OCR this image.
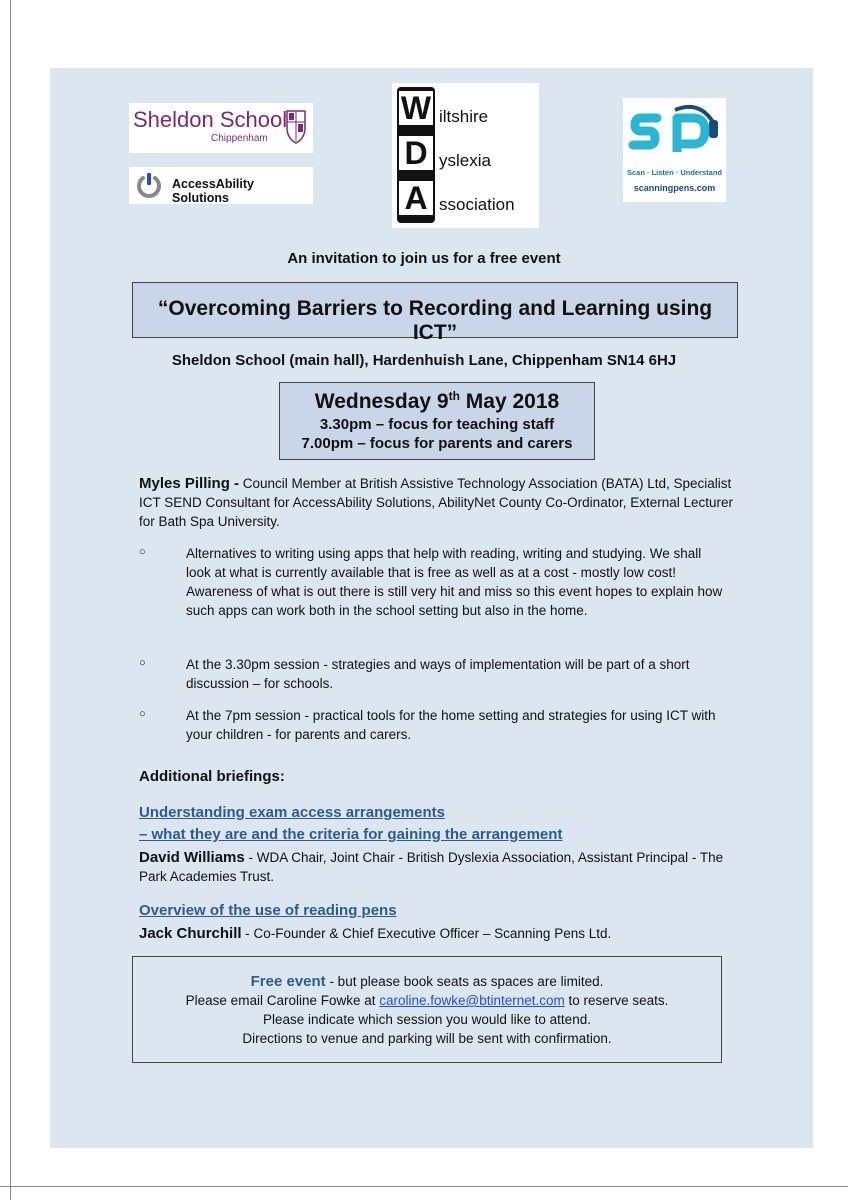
Sheldon School
Chippenham
AccessAbility Solutions
W
D
A
iltshire
yslexia
ssociation
Scan · Listen · Understand
scanningpens.com
An invitation to join us for a free event
“Overcoming Barriers to Recording and Learning using ICT”
Sheldon School (main hall), Hardenhuish Lane, Chippenham SN14 6HJ
Wednesday 9th May 2018
3.30pm – focus for teaching staff
7.00pm – focus for parents and carers
Myles Pilling - Council Member at British Assistive Technology Association (BATA) Ltd, Specialist ICT SEND Consultant for AccessAbility Solutions, AbilityNet County Co-Ordinator, External Lecturer for Bath Spa University.
○	Alternatives to writing using apps that help with reading, writing and studying. We shall look at what is currently available that is free as well as at a cost - mostly low cost! Awareness of what is out there is still very hit and miss so this event hopes to explain how such apps can work both in the school setting but also in the home.
○	At the 3.30pm session - strategies and ways of implementation will be part of a short discussion – for schools.
○	At the 7pm session - practical tools for the home setting and strategies for using ICT with your children - for parents and carers.
Additional briefings:
Understanding exam access arrangements
– what they are and the criteria for gaining the arrangement
David Williams - WDA Chair, Joint Chair - British Dyslexia Association, Assistant Principal - The Park Academies Trust.
Overview of the use of reading pens
Jack Churchill - Co-Founder & Chief Executive Officer – Scanning Pens Ltd.
Free event - but please book seats as spaces are limited.
Please email Caroline Fowke at caroline.fowke@btinternet.com to reserve seats.
Please indicate which session you would like to attend.
Directions to venue and parking will be sent with confirmation.
